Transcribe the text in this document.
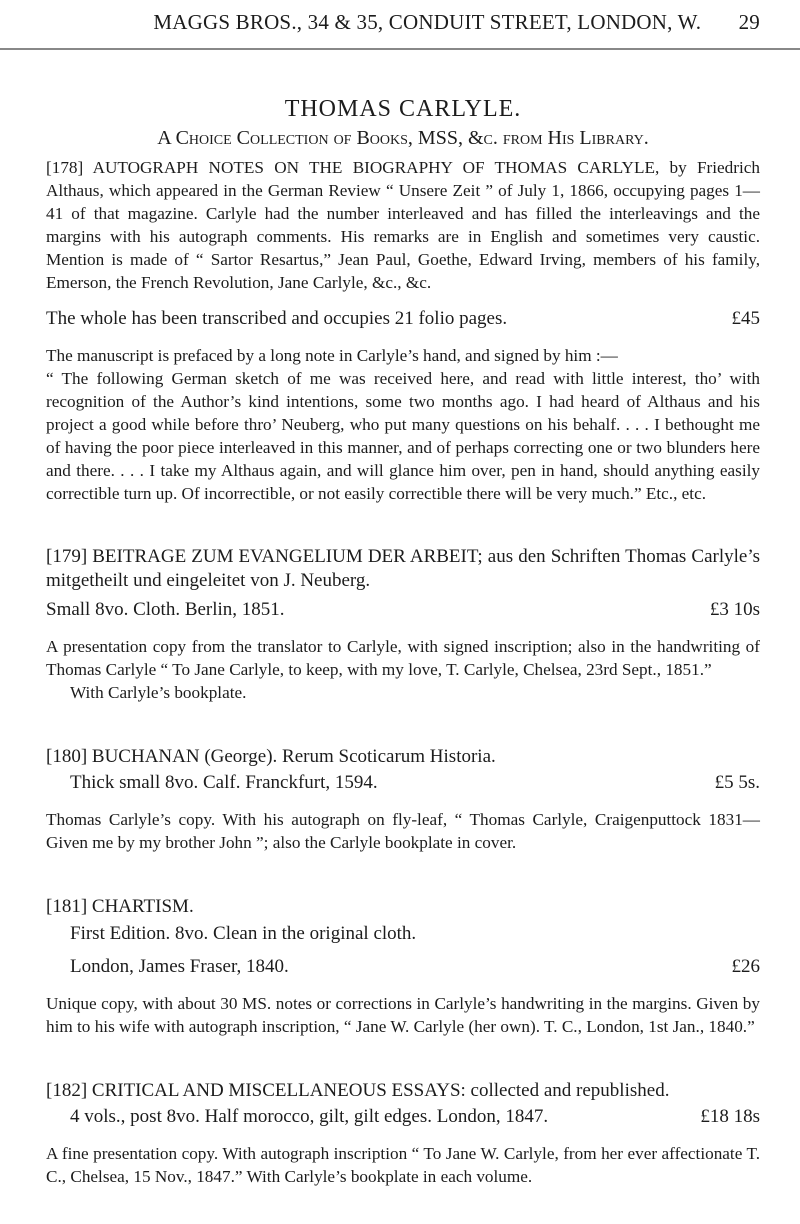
MAGGS BROS., 34 & 35, CONDUIT STREET, LONDON, W.	29
THOMAS CARLYLE.
A Choice Collection of Books, MSS, &c. from His Library.

[178] AUTOGRAPH NOTES ON THE BIOGRAPHY OF THOMAS CARLYLE, by Friedrich Althaus, which appeared in the German Review “ Unsere Zeit ” of July 1, 1866, occupying pages 1—41 of that magazine. Carlyle had the number interleaved and has filled the interleavings and the margins with his autograph comments. His remarks are in English and sometimes very caustic. Mention is made of “ Sartor Resartus,” Jean Paul, Goethe, Edward Irving, members of his family, Emerson, the French Revolution, Jane Carlyle, &c., &c.

The whole has been transcribed and occupies 21 folio pages.	£45

The manuscript is prefaced by a long note in Carlyle’s hand, and signed by him :—

“ The following German sketch of me was received here, and read with little interest, tho’ with recognition of the Author’s kind intentions, some two months ago. I had heard of Althaus and his project a good while before thro’ Neuberg, who put many questions on his behalf. . . . I bethought me of having the poor piece interleaved in this manner, and of perhaps correcting one or two blunders here and there. . . . I take my Althaus again, and will glance him over, pen in hand, should anything easily correctible turn up. Of incorrectible, or not easily correctible there will be very much.” Etc., etc.

[179] BEITRAGE ZUM EVANGELIUM DER ARBEIT; aus den Schriften Thomas Carlyle’s mitgetheilt und eingeleitet von J. Neuberg.

Small 8vo. Cloth. Berlin, 1851.	£3 10s

A presentation copy from the translator to Carlyle, with signed inscription; also in the handwriting of Thomas Carlyle “ To Jane Carlyle, to keep, with my love, T. Carlyle, Chelsea, 23rd Sept., 1851.”

With Carlyle’s bookplate.

[180] BUCHANAN (George). Rerum Scoticarum Historia.

Thick small 8vo. Calf. Franckfurt, 1594.	£5 5s.

Thomas Carlyle’s copy. With his autograph on fly-leaf, “ Thomas Carlyle, Craigenputtock 1831—Given me by my brother John ”; also the Carlyle bookplate in cover.

[181] CHARTISM.

First Edition. 8vo. Clean in the original cloth.

London, James Fraser, 1840.	£26

Unique copy, with about 30 MS. notes or corrections in Carlyle’s handwriting in the margins. Given by him to his wife with autograph inscription, “ Jane W. Carlyle (her own). T. C., London, 1st Jan., 1840.”

[182] CRITICAL AND MISCELLANEOUS ESSAYS: collected and republished.

4 vols., post 8vo. Half morocco, gilt, gilt edges. London, 1847.	£18 18s

A fine presentation copy. With autograph inscription “ To Jane W. Carlyle, from her ever affectionate T. C., Chelsea, 15 Nov., 1847.” With Carlyle’s bookplate in each volume.
